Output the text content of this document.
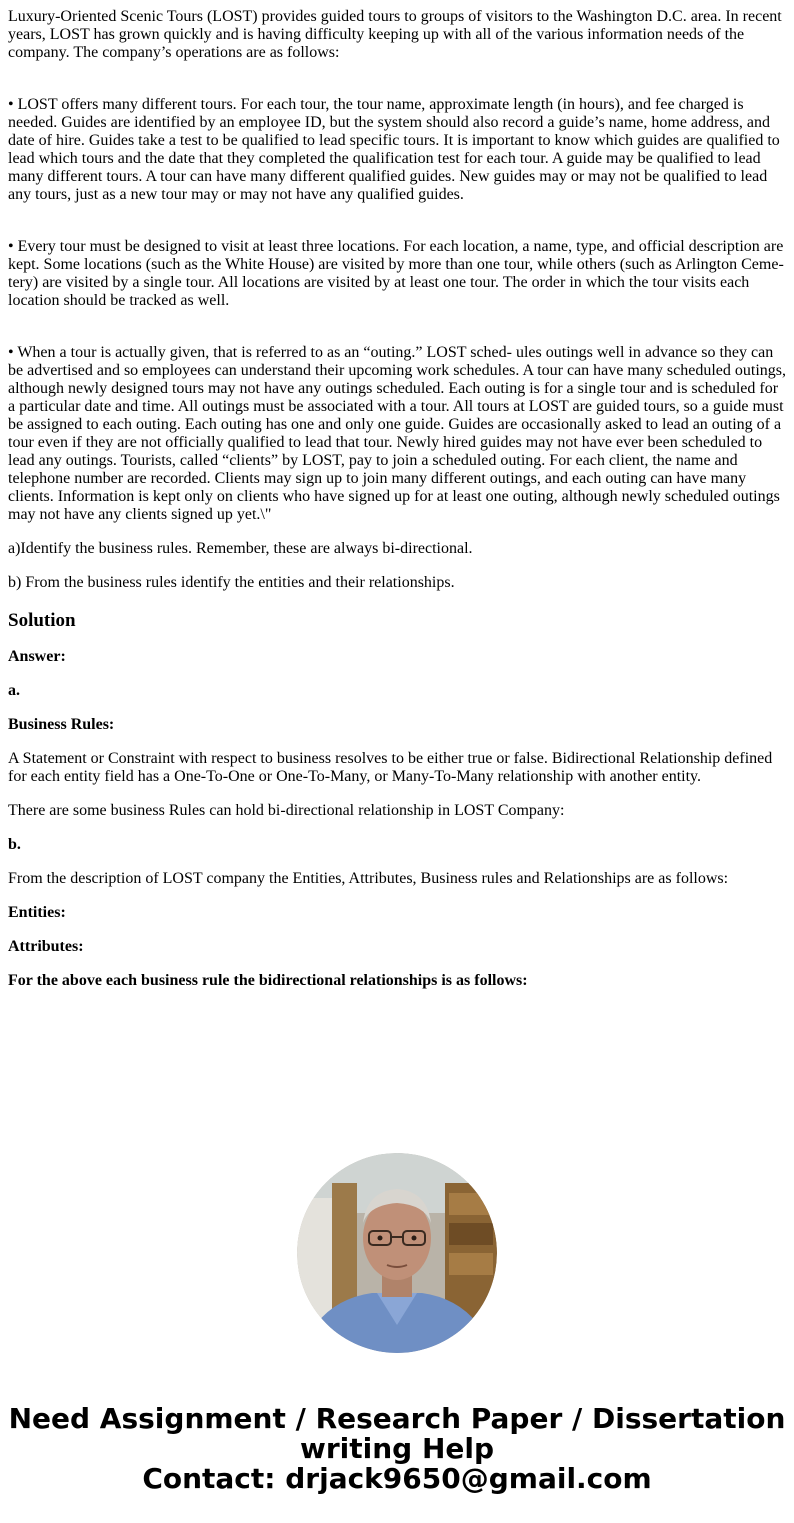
Luxury-Oriented Scenic Tours (LOST) provides guided tours to groups of visitors to the Washington D.C. area. In recent years, LOST has grown quickly and is having difficulty keeping up with all of the various information needs of the company. The company’s operations are as follows:

• LOST offers many different tours. For each tour, the tour name, approximate length (in hours), and fee charged is needed. Guides are identified by an employee ID, but the system should also record a guide’s name, home address, and date of hire. Guides take a test to be qualified to lead specific tours. It is important to know which guides are qualified to lead which tours and the date that they completed the qualification test for each tour. A guide may be qualified to lead many different tours. A tour can have many different qualified guides. New guides may or may not be qualified to lead any tours, just as a new tour may or may not have any qualified guides.

• Every tour must be designed to visit at least three locations. For each location, a name, type, and official description are kept. Some locations (such as the White House) are visited by more than one tour, while others (such as Arlington Ceme- tery) are visited by a single tour. All locations are visited by at least one tour. The order in which the tour visits each location should be tracked as well.

• When a tour is actually given, that is referred to as an “outing.” LOST sched- ules outings well in advance so they can be advertised and so employees can understand their upcoming work schedules. A tour can have many scheduled outings, although newly designed tours may not have any outings scheduled. Each outing is for a single tour and is scheduled for a particular date and time. All outings must be associated with a tour. All tours at LOST are guided tours, so a guide must be assigned to each outing. Each outing has one and only one guide. Guides are occasionally asked to lead an outing of a tour even if they are not officially qualified to lead that tour. Newly hired guides may not have ever been scheduled to lead any outings. Tourists, called “clients” by LOST, pay to join a scheduled outing. For each client, the name and telephone number are recorded. Clients may sign up to join many different outings, and each outing can have many clients. Information is kept only on clients who have signed up for at least one outing, although newly scheduled outings may not have any clients signed up yet.\"

a)Identify the business rules. Remember, these are always bi-directional.

b) From the business rules identify the entities and their relationships.

Solution

Answer:

a.

Business Rules:

A Statement or Constraint with respect to business resolves to be either true or false. Bidirectional Relationship defined for each entity field has a One-To-One or One-To-Many, or Many-To-Many relationship with another entity.

There are some business Rules can hold bi-directional relationship in LOST Company:

b.

From the description of LOST company the Entities, Attributes, Business rules and Relationships are as follows:

Entities:

Attributes:

For the above each business rule the bidirectional relationships is as follows:

Need Assignment / Research Paper / Dissertation
writing Help
Contact: drjack9650@gmail.com
